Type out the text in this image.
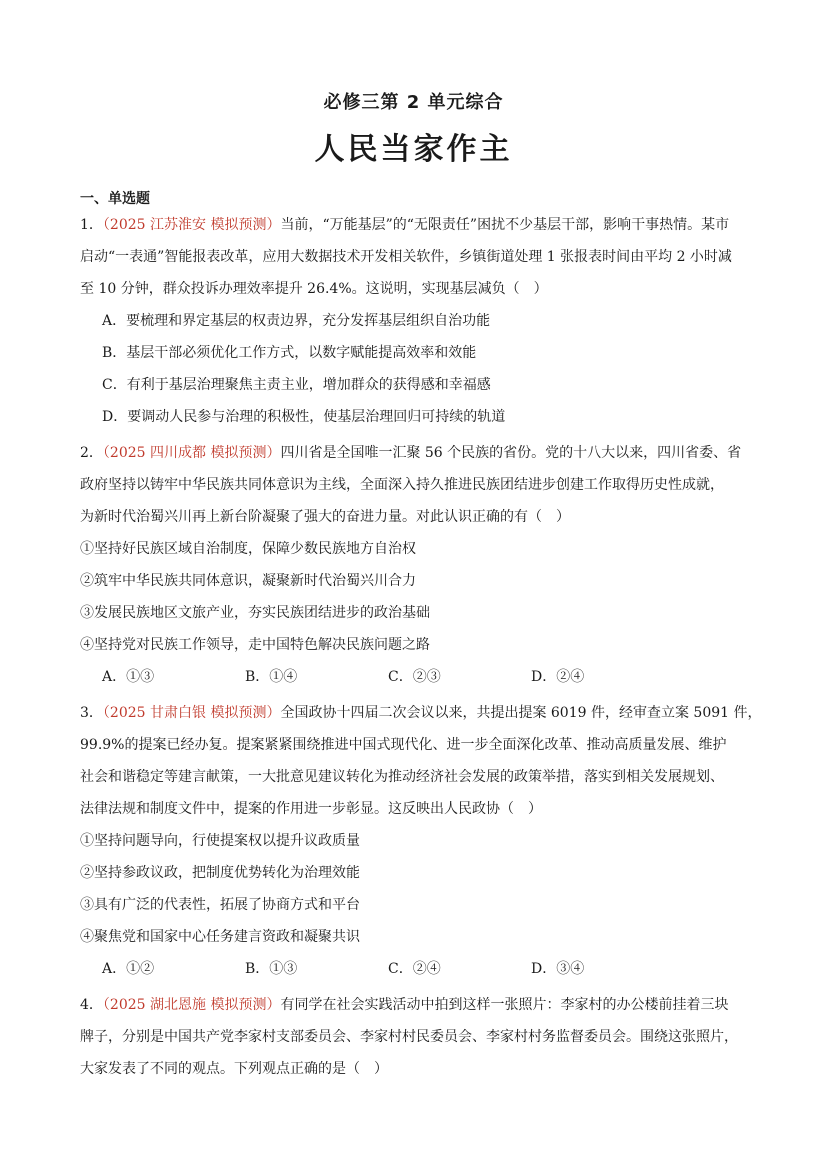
必修三第 2 单元综合
人民当家作主
一、单选题
1．（2025 江苏淮安 模拟预测）当前，“万能基层”的“无限责任”困扰不少基层干部，影响干事热情。某市
启动“一表通”智能报表改革，应用大数据技术开发相关软件，乡镇街道处理 1 张报表时间由平均 2 小时减
至 10 分钟，群众投诉办理效率提升 26.4%。这说明，实现基层减负（　）
A．要梳理和界定基层的权责边界，充分发挥基层组织自治功能
B．基层干部必须优化工作方式，以数字赋能提高效率和效能
C．有利于基层治理聚焦主责主业，增加群众的获得感和幸福感
D．要调动人民参与治理的积极性，使基层治理回归可持续的轨道
2．（2025 四川成都 模拟预测）四川省是全国唯一汇聚 56 个民族的省份。党的十八大以来，四川省委、省
政府坚持以铸牢中华民族共同体意识为主线，全面深入持久推进民族团结进步创建工作取得历史性成就，
为新时代治蜀兴川再上新台阶凝聚了强大的奋进力量。对此认识正确的有（　）
①坚持好民族区域自治制度，保障少数民族地方自治权
②筑牢中华民族共同体意识，凝聚新时代治蜀兴川合力
③发展民族地区文旅产业，夯实民族团结进步的政治基础
④坚持党对民族工作领导，走中国特色解决民族问题之路
A．①③	B．①④	C．②③	D．②④
3．（2025 甘肃白银 模拟预测）全国政协十四届二次会议以来，共提出提案 6019 件，经审查立案 5091 件，
99.9%的提案已经办复。提案紧紧围绕推进中国式现代化、进一步全面深化改革、推动高质量发展、维护
社会和谐稳定等建言献策，一大批意见建议转化为推动经济社会发展的政策举措，落实到相关发展规划、
法律法规和制度文件中，提案的作用进一步彰显。这反映出人民政协（　）
①坚持问题导向，行使提案权以提升议政质量
②坚持参政议政，把制度优势转化为治理效能
③具有广泛的代表性，拓展了协商方式和平台
④聚焦党和国家中心任务建言资政和凝聚共识
A．①②	B．①③	C．②④	D．③④
4．（2025 湖北恩施 模拟预测）有同学在社会实践活动中拍到这样一张照片：李家村的办公楼前挂着三块
牌子，分别是中国共产党李家村支部委员会、李家村村民委员会、李家村村务监督委员会。围绕这张照片，
大家发表了不同的观点。下列观点正确的是（　）
